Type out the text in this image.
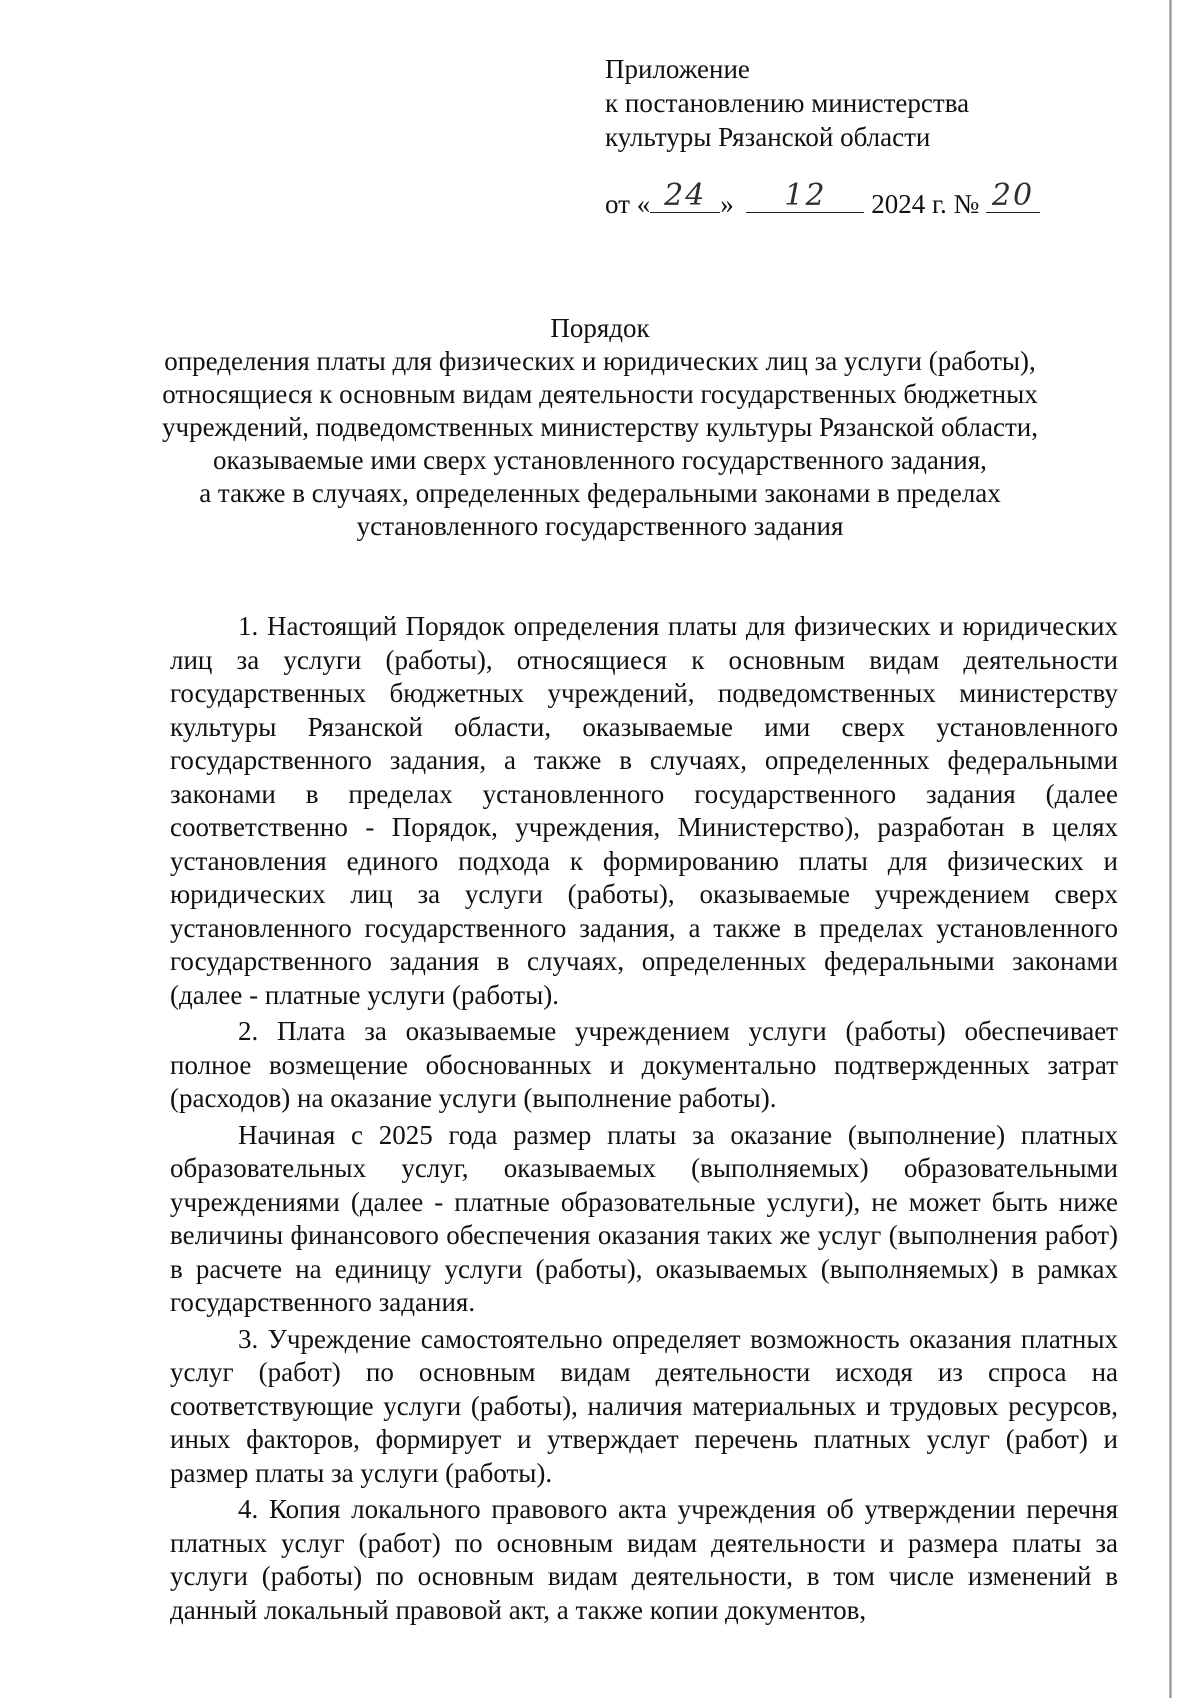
Приложение
к постановлению министерства
культуры Рязанской области
от « 24 »	12	2024 г. № 20
Порядок
определения платы для физических и юридических лиц за услуги (работы),
относящиеся к основным видам деятельности государственных бюджетных
учреждений, подведомственных министерству культуры Рязанской области,
оказываемые ими сверх установленного государственного задания,
а также в случаях, определенных федеральными законами в пределах
установленного государственного задания

1. Настоящий Порядок определения платы для физических и юридических лиц за услуги (работы), относящиеся к основным видам деятельности государственных бюджетных учреждений, подведомственных министерству культуры Рязанской области, оказываемые ими сверх установленного государственного задания, а также в случаях, определенных федеральными законами в пределах установленного государственного задания (далее соответственно - Порядок, учреждения, Министерство), разработан в целях установления единого подхода к формированию платы для физических и юридических лиц за услуги (работы), оказываемые учреждением сверх установленного государственного задания, а также в пределах установленного государственного задания в случаях, определенных федеральными законами (далее - платные услуги (работы).

2. Плата за оказываемые учреждением услуги (работы) обеспечивает полное возмещение обоснованных и документально подтвержденных затрат (расходов) на оказание услуги (выполнение работы).

Начиная с 2025 года размер платы за оказание (выполнение) платных образовательных услуг, оказываемых (выполняемых) образовательными учреждениями (далее - платные образовательные услуги), не может быть ниже величины финансового обеспечения оказания таких же услуг (выполнения работ) в расчете на единицу услуги (работы), оказываемых (выполняемых) в рамках государственного задания.

3. Учреждение самостоятельно определяет возможность оказания платных услуг (работ) по основным видам деятельности исходя из спроса на соответствующие услуги (работы), наличия материальных и трудовых ресурсов, иных факторов, формирует и утверждает перечень платных услуг (работ) и размер платы за услуги (работы).

4. Копия локального правового акта учреждения об утверждении перечня платных услуг (работ) по основным видам деятельности и размера платы за услуги (работы) по основным видам деятельности, в том числе изменений в данный локальный правовой акт, а также копии документов,
